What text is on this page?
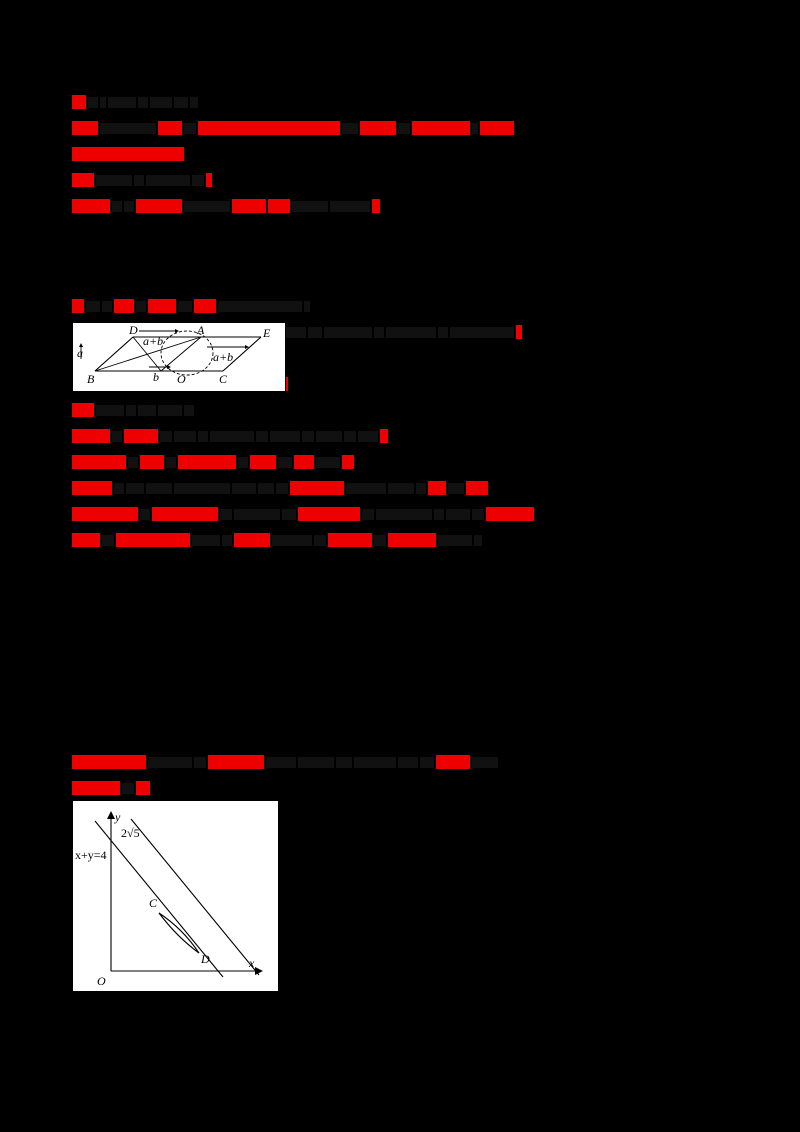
a
b
a+b
a+b
D	A	E
B	O	C
y
x
O
2√5
x+y=4
C
D
